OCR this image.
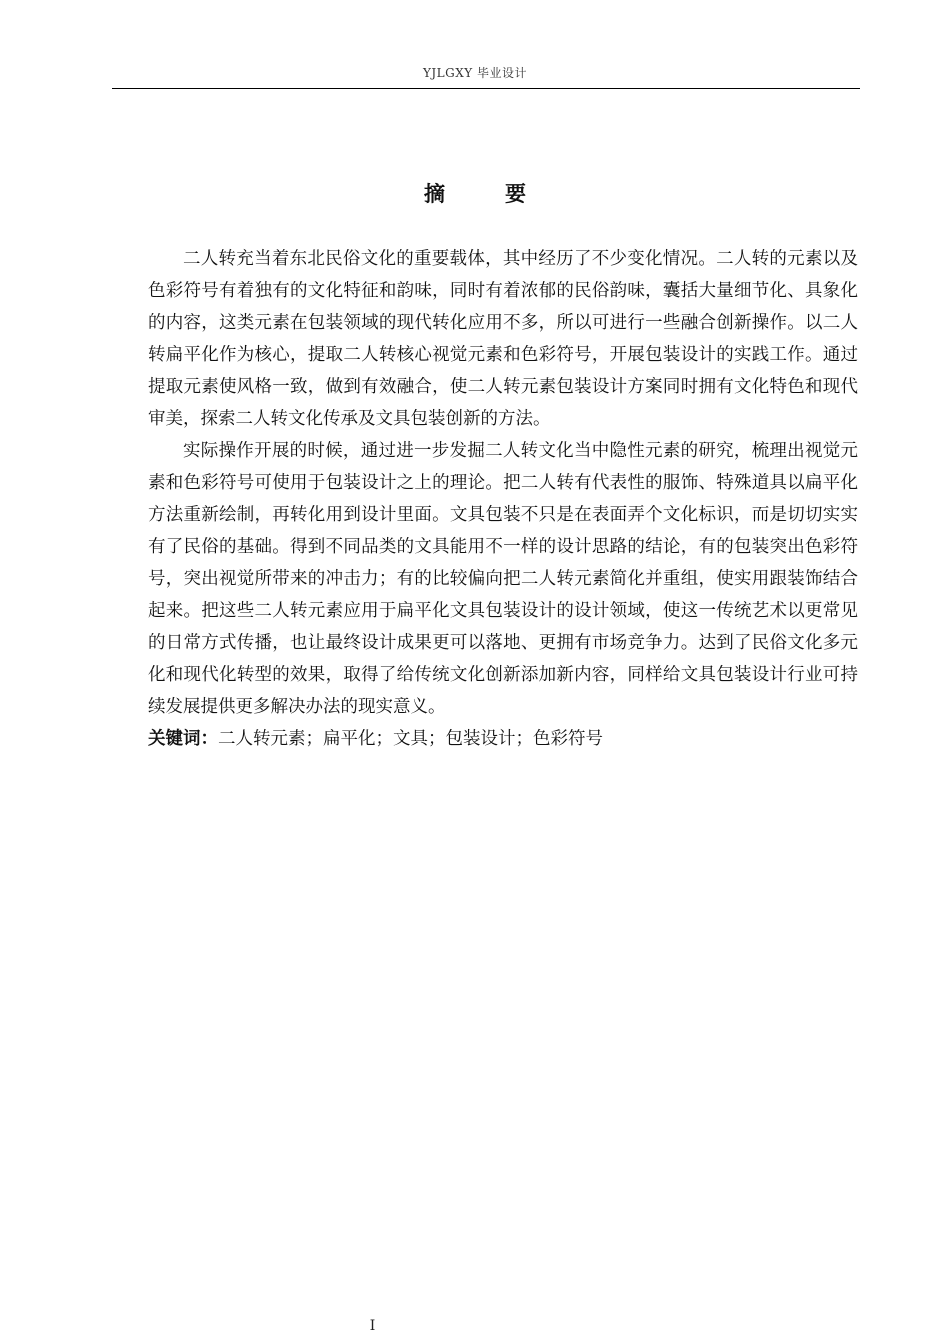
YJLGXY 毕业设计
摘要

二人转充当着东北民俗文化的重要载体，其中经历了不少变化情况。二人转的元素以及色彩符号有着独有的文化特征和韵味，同时有着浓郁的民俗韵味，囊括大量细节化、具象化的内容，这类元素在包装领域的现代转化应用不多，所以可进行一些融合创新操作。以二人转扁平化作为核心，提取二人转核心视觉元素和色彩符号，开展包装设计的实践工作。通过提取元素使风格一致，做到有效融合，使二人转元素包装设计方案同时拥有文化特色和现代审美，探索二人转文化传承及文具包装创新的方法。

实际操作开展的时候，通过进一步发掘二人转文化当中隐性元素的研究，梳理出视觉元素和色彩符号可使用于包装设计之上的理论。把二人转有代表性的服饰、特殊道具以扁平化方法重新绘制，再转化用到设计里面。文具包装不只是在表面弄个文化标识，而是切切实实有了民俗的基础。得到不同品类的文具能用不一样的设计思路的结论，有的包装突出色彩符号，突出视觉所带来的冲击力；有的比较偏向把二人转元素简化并重组，使实用跟装饰结合起来。把这些二人转元素应用于扁平化文具包装设计的设计领域，使这一传统艺术以更常见的日常方式传播，也让最终设计成果更可以落地、更拥有市场竞争力。达到了民俗文化多元化和现代化转型的效果，取得了给传统文化创新添加新内容，同样给文具包装设计行业可持续发展提供更多解决办法的现实意义。

关键词：二人转元素；扁平化；文具；包装设计；色彩符号
I
